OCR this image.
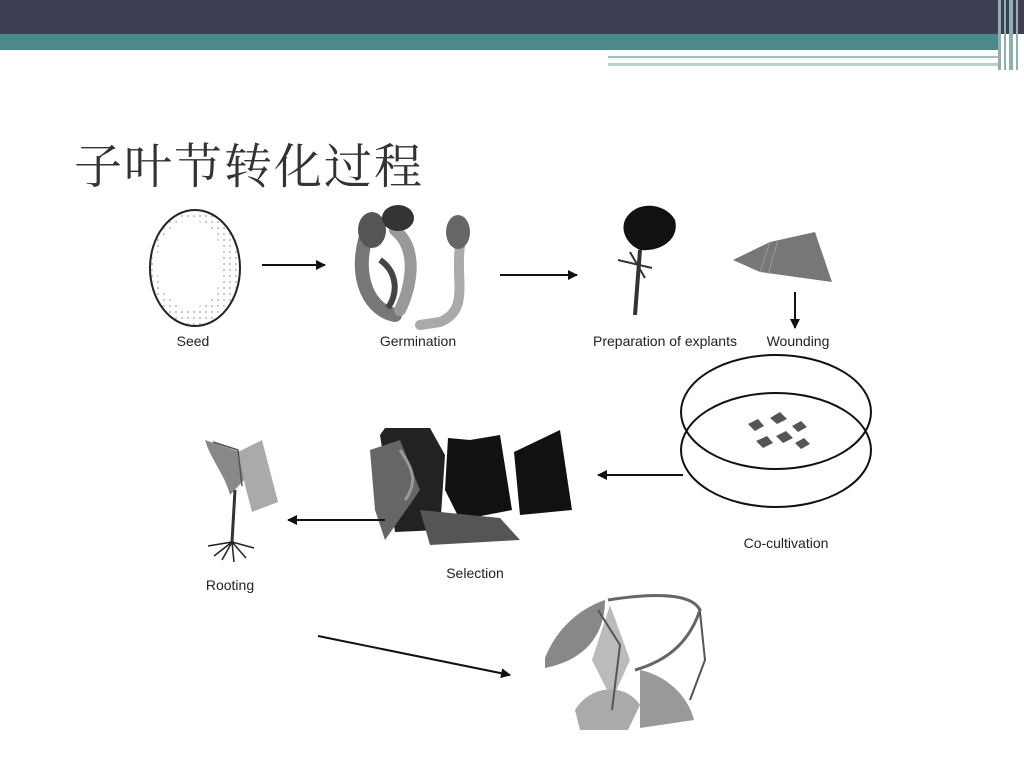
子叶节转化过程
Seed	Germination	Preparation of explants Wounding
Co-cultivation
Selection
Rooting
